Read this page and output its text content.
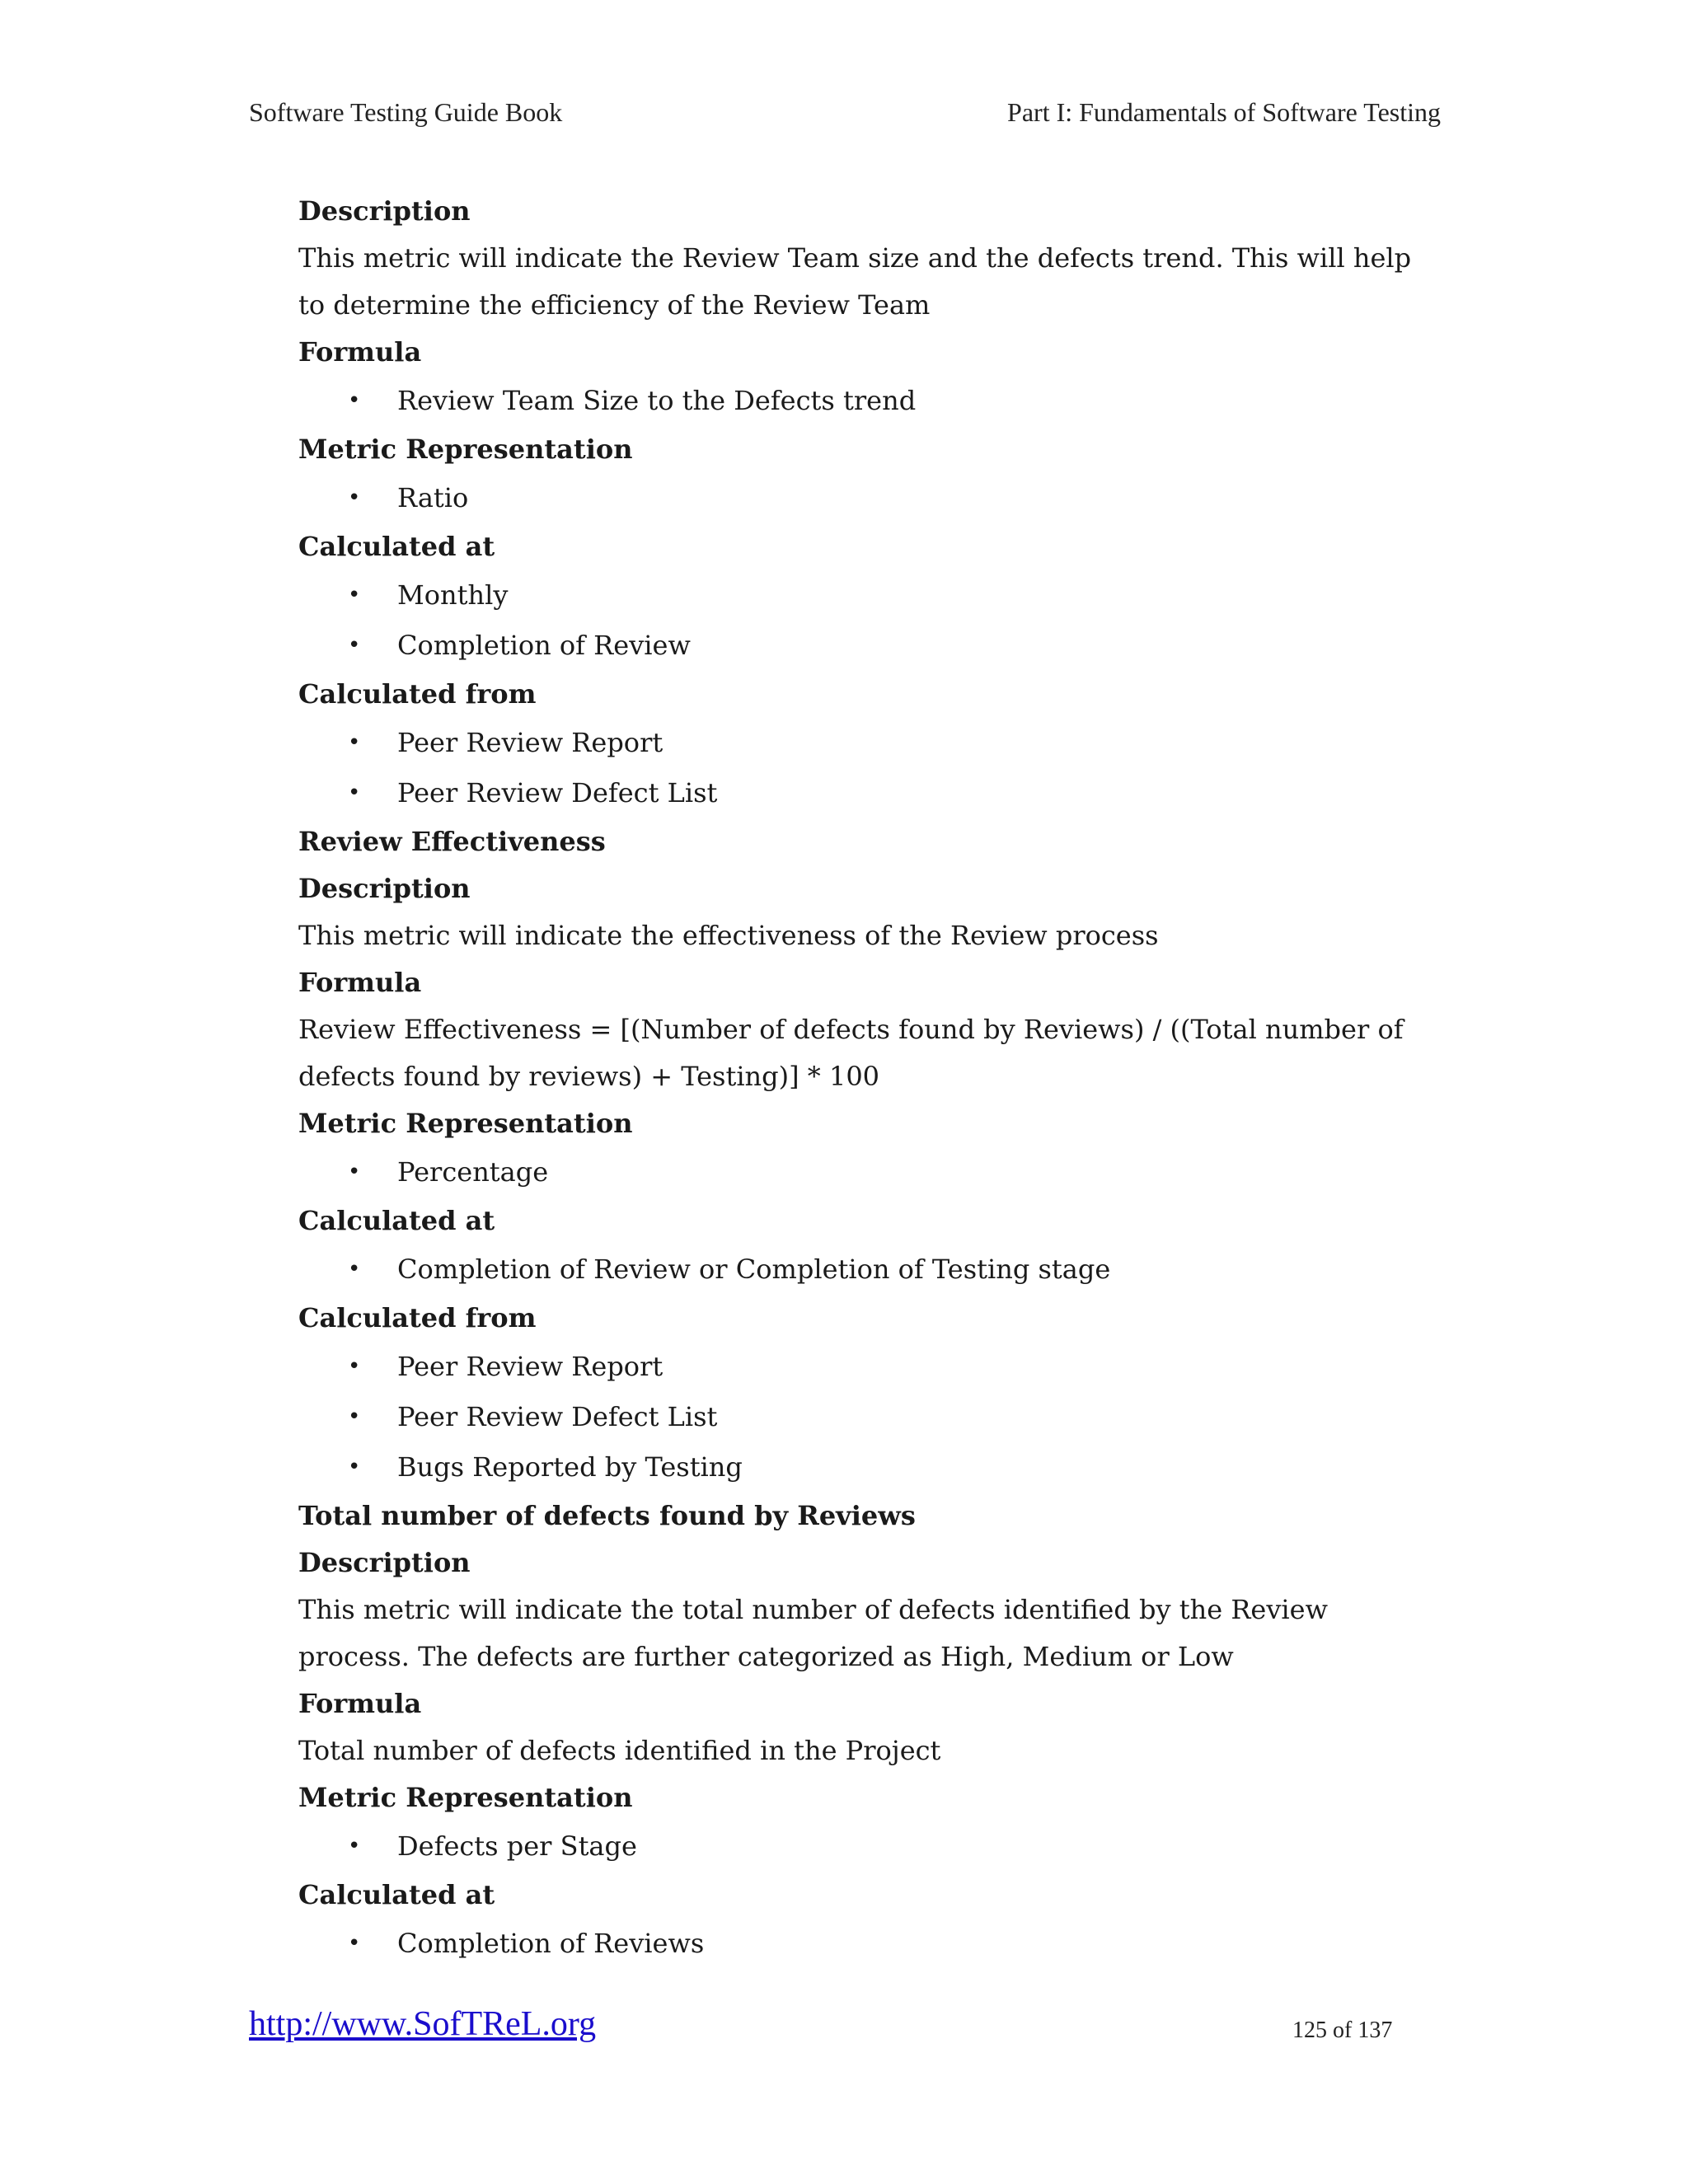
Software Testing Guide Book	Part I: Fundamentals of Software Testing
Description
This metric will indicate the Review Team size and the defects trend. This will help
to determine the efficiency of the Review Team
Formula
• Review Team Size to the Defects trend
Metric Representation
• Ratio
Calculated at
• Monthly
• Completion of Review
Calculated from
• Peer Review Report
• Peer Review Defect List
Review Effectiveness
Description
This metric will indicate the effectiveness of the Review process
Formula
Review Effectiveness = [(Number of defects found by Reviews) / ((Total number of
defects found by reviews) + Testing)] * 100
Metric Representation
• Percentage
Calculated at
• Completion of Review or Completion of Testing stage
Calculated from
• Peer Review Report
• Peer Review Defect List
• Bugs Reported by Testing
Total number of defects found by Reviews
Description
This metric will indicate the total number of defects identified by the Review
process. The defects are further categorized as High, Medium or Low
Formula
Total number of defects identified in the Project
Metric Representation
• Defects per Stage
Calculated at
• Completion of Reviews
http://www.SofTReL.org	125 of 137
